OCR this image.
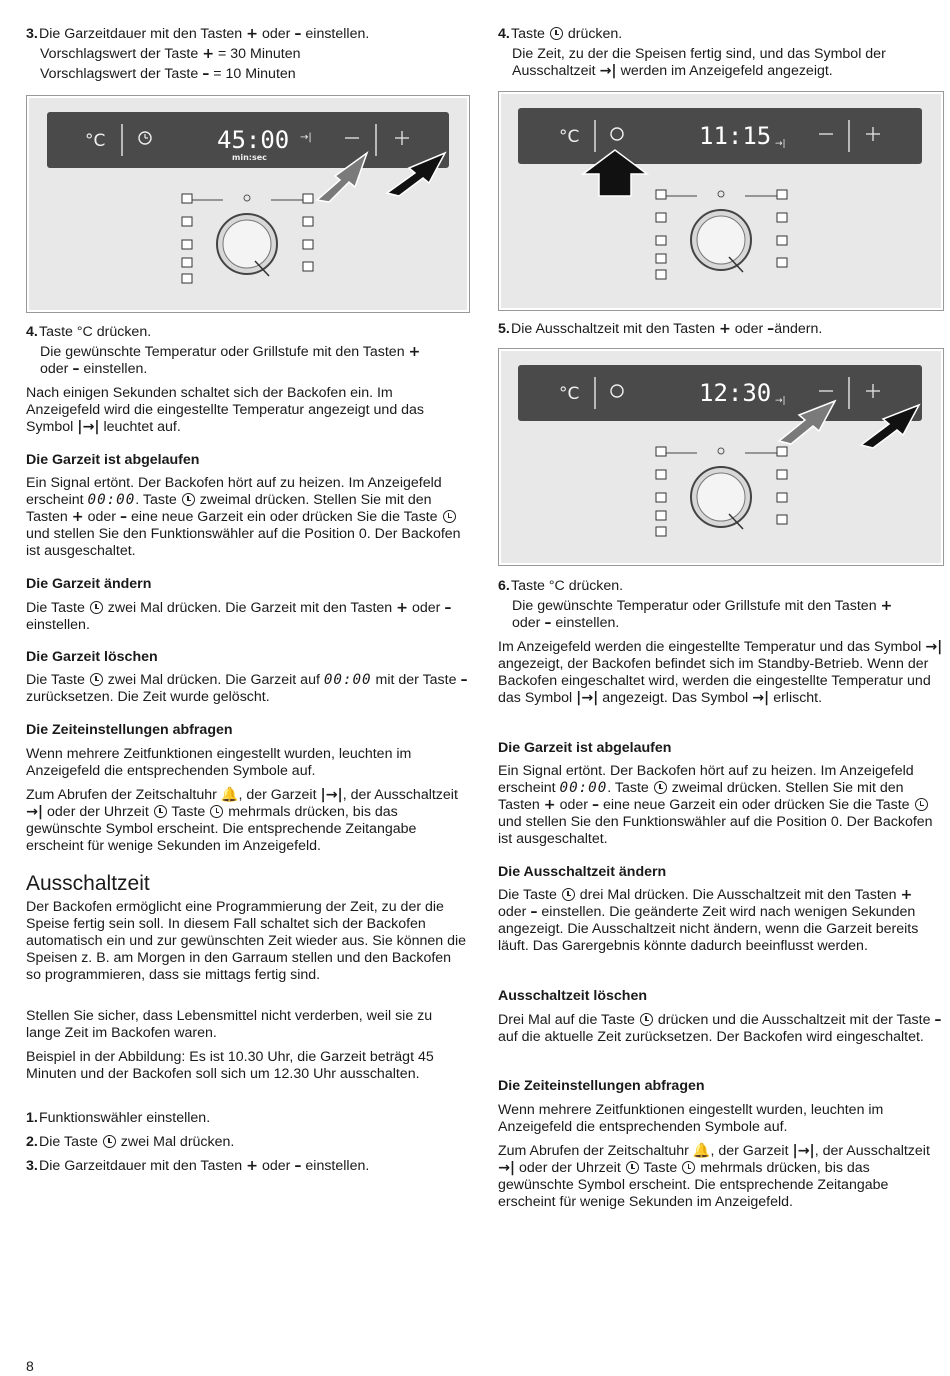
3. Die Garzeitdauer mit den Tasten + oder – einstellen.
Vorschlagswert der Taste + = 30 Minuten
Vorschlagswert der Taste – = 10 Minuten
°C	45:00
min:sec
→|
4. Taste °C drücken.
Die gewünschte Temperatur oder Grillstufe mit den Tasten +
oder – einstellen.

Nach einigen Sekunden schaltet sich der Backofen ein. Im Anzeigefeld wird die eingestellte Temperatur angezeigt und das Symbol |→| leuchtet auf.

Die Garzeit ist abgelaufen

Ein Signal ertönt. Der Backofen hört auf zu heizen. Im Anzeigefeld erscheint 00:00. Taste zweimal drücken. Stellen Sie mit den Tasten + oder – eine neue Garzeit ein oder drücken Sie die Taste  und stellen Sie den Funktionswähler auf die Position 0. Der Backofen ist ausgeschaltet.

Die Garzeit ändern

Die Taste zwei Mal drücken. Die Garzeit mit den Tasten + oder – einstellen.

Die Garzeit löschen

Die Taste zwei Mal drücken. Die Garzeit auf 00:00 mit der Taste – zurücksetzen. Die Zeit wurde gelöscht.

Die Zeiteinstellungen abfragen

Wenn mehrere Zeitfunktionen eingestellt wurden, leuchten im Anzeigefeld die entsprechenden Symbole auf.

Zum Abrufen der Zeitschaltuhr 🔔, der Garzeit |→|, der Ausschaltzeit →| oder der Uhrzeit Taste mehrmals drücken, bis das gewünschte Symbol erscheint. Die entsprechende Zeitangabe erscheint für wenige Sekunden im Anzeigefeld.

Ausschaltzeit

Der Backofen ermöglicht eine Programmierung der Zeit, zu der die Speise fertig sein soll. In diesem Fall schaltet sich der Backofen automatisch ein und zur gewünschten Zeit wieder aus. Sie können die Speisen z. B. am Morgen in den Garraum stellen und den Backofen so programmieren, dass sie mittags fertig sind.

Stellen Sie sicher, dass Lebensmittel nicht verderben, weil sie zu lange Zeit im Backofen waren.

Beispiel in der Abbildung: Es ist 10.30 Uhr, die Garzeit beträgt 45 Minuten und der Backofen soll sich um 12.30 Uhr ausschalten.

1. Funktionswähler einstellen.
2. Die Taste zwei Mal drücken.
3. Die Garzeitdauer mit den Tasten + oder – einstellen.
4. Taste drücken.
Die Zeit, zu der die Speisen fertig sind, und das Symbol der Ausschaltzeit →| werden im Anzeigefeld angezeigt.
°C	11:15 →|
5. Die Ausschaltzeit mit den Tasten + oder –ändern.
°C	12:30 →|
6. Taste °C drücken.
Die gewünschte Temperatur oder Grillstufe mit den Tasten +
oder – einstellen.

Im Anzeigefeld werden die eingestellte Temperatur und das Symbol →| angezeigt, der Backofen befindet sich im Standby-Betrieb. Wenn der Backofen eingeschaltet wird, werden die eingestellte Temperatur und das Symbol |→| angezeigt. Das Symbol →| erlischt.

Die Garzeit ist abgelaufen

Ein Signal ertönt. Der Backofen hört auf zu heizen. Im Anzeigefeld erscheint 00:00. Taste zweimal drücken. Stellen Sie mit den Tasten + oder – eine neue Garzeit ein oder drücken Sie die Taste  und stellen Sie den Funktionswähler auf die Position 0. Der Backofen ist ausgeschaltet.

Die Ausschaltzeit ändern

Die Taste drei Mal drücken. Die Ausschaltzeit mit den Tasten + oder – einstellen. Die geänderte Zeit wird nach wenigen Sekunden angezeigt. Die Ausschaltzeit nicht ändern, wenn die Garzeit bereits läuft. Das Garergebnis könnte dadurch beeinflusst werden.

Ausschaltzeit löschen

Drei Mal auf die Taste drücken und die Ausschaltzeit mit der Taste – auf die aktuelle Zeit zurücksetzen. Der Backofen wird eingeschaltet.

Die Zeiteinstellungen abfragen

Wenn mehrere Zeitfunktionen eingestellt wurden, leuchten im Anzeigefeld die entsprechenden Symbole auf.

Zum Abrufen der Zeitschaltuhr 🔔, der Garzeit |→|, der Ausschaltzeit →| oder der Uhrzeit Taste mehrmals drücken, bis das gewünschte Symbol erscheint. Die entsprechende Zeitangabe erscheint für wenige Sekunden im Anzeigefeld.

8
